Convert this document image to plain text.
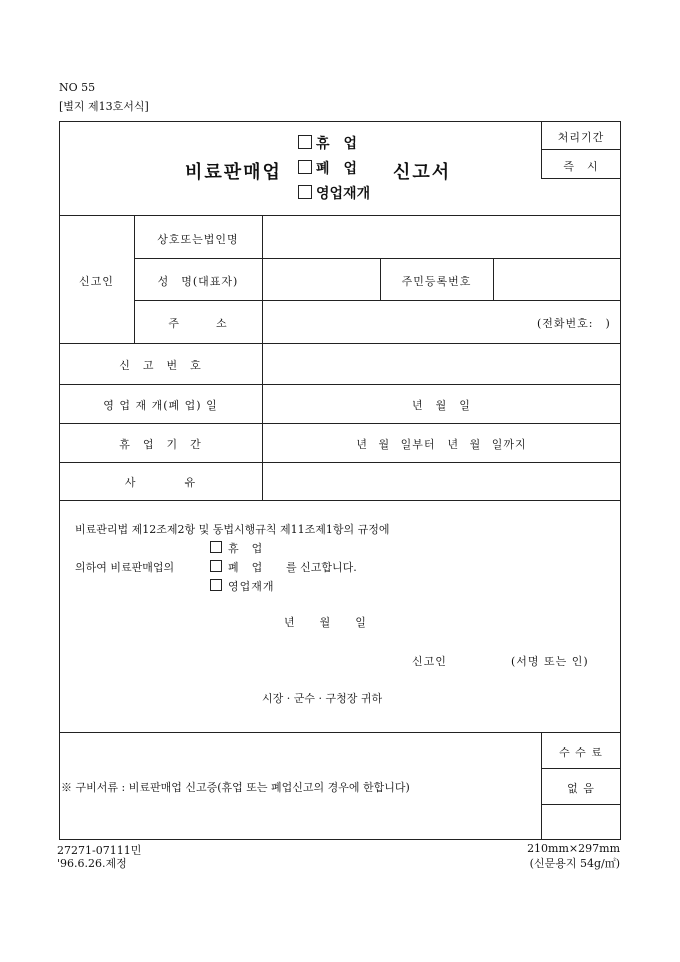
NO 55
[별지 제13호서식]
비료판매업
휴　업
폐　업 신고서
영업재개
처리기간
즉　시
신고인
상호또는법인명
성　명(대표자)	주민등록번호
주　　　소	(전화번호:　)
신　고　번　호
영 업 재 개(폐 업) 일	년　월　일
휴　업　기　간	년 월 일부터　년 월 일까지
사　　　　유
비료관리법 제12조제2항 및 동법시행규칙 제11조제1항의 규정에
휴　업
의하여 비료판매업의	폐　업 를 신고합니다.
영업재개
년　　월　　일
신고인	(서명 또는 인)
시장 · 군수 · 구청장 귀하
※ 구비서류 : 비료판매업 신고증(휴업 또는 폐업신고의 경우에 한합니다)
수 수 료
없 음
27271-07111민
'96.6.26.제정
210mm×297mm
(신문용지 54g/㎡)
